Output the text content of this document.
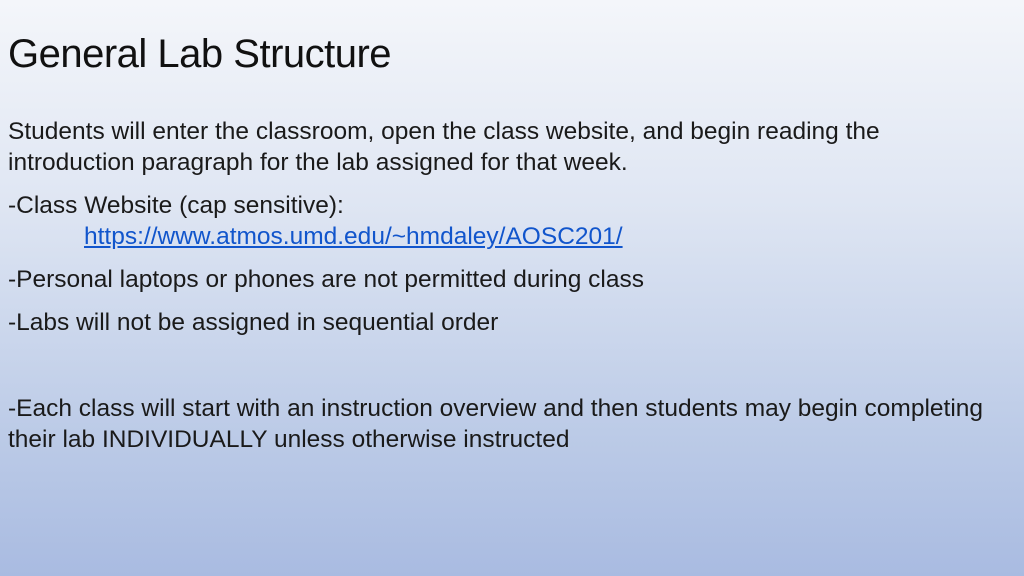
General Lab Structure

Students will enter the classroom, open the class website, and begin reading the introduction paragraph for the lab assigned for that week.

-Class Website (cap sensitive):

https://www.atmos.umd.edu/~hmdaley/AOSC201/

-Personal laptops or phones are not permitted during class

-Labs will not be assigned in sequential order

-Each class will start with an instruction overview and then students may begin completing their lab INDIVIDUALLY unless otherwise instructed
